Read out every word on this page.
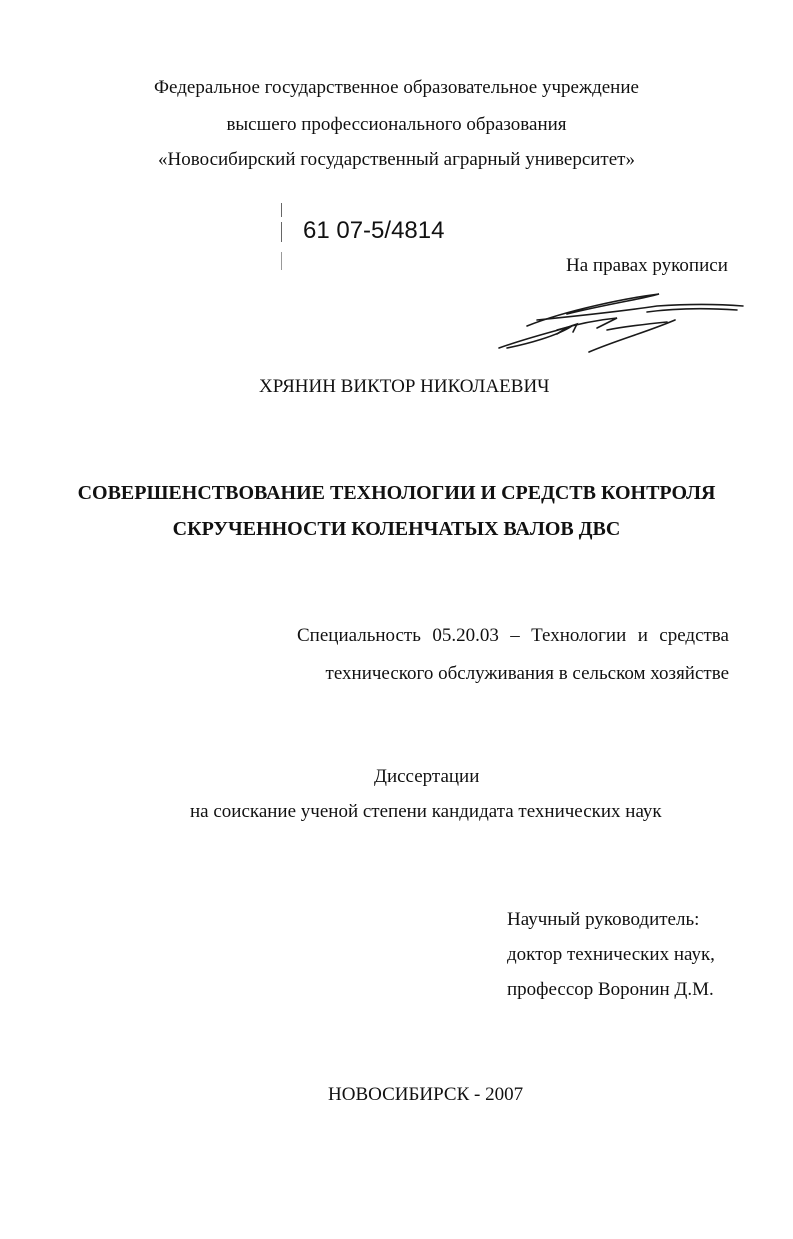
Федеральное государственное образовательное учреждение
высшего профессионального образования
«Новосибирский государственный аграрный университет»
61 07-5/4814
На правах рукописи
ХРЯНИН ВИКТОР НИКОЛАЕВИЧ
СОВЕРШЕНСТВОВАНИЕ ТЕХНОЛОГИИ И СРЕДСТВ КОНТРОЛЯ
СКРУЧЕННОСТИ КОЛЕНЧАТЫХ ВАЛОВ ДВС
Специальность 05.20.03 – Технологии и средства
технического обслуживания в сельском хозяйстве
Диссертации
на соискание ученой степени кандидата технических наук
Научный руководитель:
доктор технических наук,
профессор Воронин Д.М.
НОВОСИБИРСК - 2007
